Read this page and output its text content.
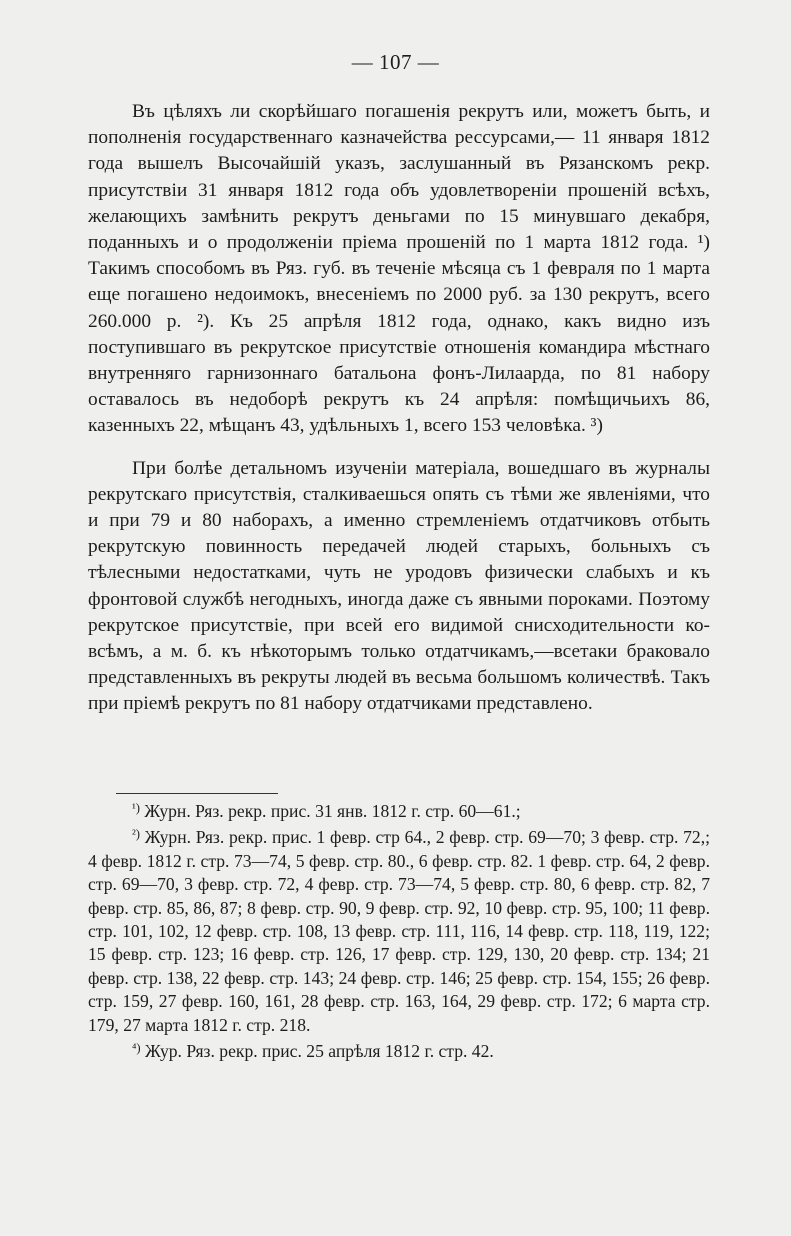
— 107 —

Въ цѣляхъ ли скорѣйшаго погашенія рекрутъ или, можетъ быть, и пополненія государственнаго казначейства рессурсами,— 11 января 1812 года вышелъ Высочайшій указъ, заслушанный въ Рязанскомъ рекр. присутствіи 31 января 1812 года объ удовлетвореніи прошеній всѣхъ, желающихъ замѣнить рекрутъ деньгами по 15 минувшаго декабря, поданныхъ и о продолженіи пріема прошеній по 1 марта 1812 года. ¹) Такимъ способомъ въ Ряз. губ. въ теченіе мѣсяца съ 1 февраля по 1 марта еще погашено недоимокъ, внесеніемъ по 2000 руб. за 130 рекрутъ, всего 260.000 р. ²). Къ 25 апрѣля 1812 года, однако, какъ видно изъ поступившаго въ рекрутское присутствіе отношенія командира мѣстнаго внутренняго гарнизоннаго батальона фонъ-Лилаарда, по 81 набору оставалось въ недоборѣ рекрутъ къ 24 апрѣля: помѣщичьихъ 86, казенныхъ 22, мѣщанъ 43, удѣльныхъ 1, всего 153 человѣка. ³)

При болѣе детальномъ изученіи матеріала, вошедшаго въ журналы рекрутскаго присутствія, сталкиваешься опять съ тѣми же явленіями, что и при 79 и 80 наборахъ, а именно стремленіемъ отдатчиковъ отбыть рекрутскую повинность передачей людей старыхъ, больныхъ съ тѣлесными недостатками, чуть не уродовъ физически слабыхъ и къ фронтовой службѣ негодныхъ, иногда даже съ явными пороками. Поэтому рекрутское присутствіе, при всей его видимой снисходительности ко-всѣмъ, а м. б. къ нѣкоторымъ только отдатчикамъ,—всетаки браковало представленныхъ въ рекруты людей въ весьма большомъ количествѣ. Такъ при пріемѣ рекрутъ по 81 набору отдатчиками представлено.

$^{^1)}$ Журн. Ряз. рекр. прис. 31 янв. 1812 г. стр. 60—61.;

$^{^2)}$ Журн. Ряз. рекр. прис. 1 февр. стр 64., 2 февр. стр. 69—70; 3 февр. стр. 72,; 4 февр. 1812 г. стр. 73—74, 5 февр. стр. 80., 6 февр. стр. 82. 1 февр. стр. 64, 2 февр. стр. 69—70, 3 февр. стр. 72, 4 февр. стр. 73—74, 5 февр. стр. 80, 6 февр. стр. 82, 7 февр. стр. 85, 86, 87; 8 февр. стр. 90, 9 февр. стр. 92, 10 февр. стр. 95, 100; 11 февр. стр. 101, 102, 12 февр. стр. 108, 13 февр. стр. 111, 116, 14 февр. стр. 118, 119, 122; 15 февр. стр. 123; 16 февр. стр. 126, 17 февр. стр. 129, 130, 20 февр. стр. 134; 21 февр. стр. 138, 22 февр. стр. 143; 24 февр. стр. 146; 25 февр. стр. 154, 155; 26 февр. стр. 159, 27 февр. 160, 161, 28 февр. стр. 163, 164, 29 февр. стр. 172; 6 марта стр. 179, 27 марта 1812 г. стр. 218.

$^{^4)}$ Жур. Ряз. рекр. прис. 25 апрѣля 1812 г. стр. 42.
